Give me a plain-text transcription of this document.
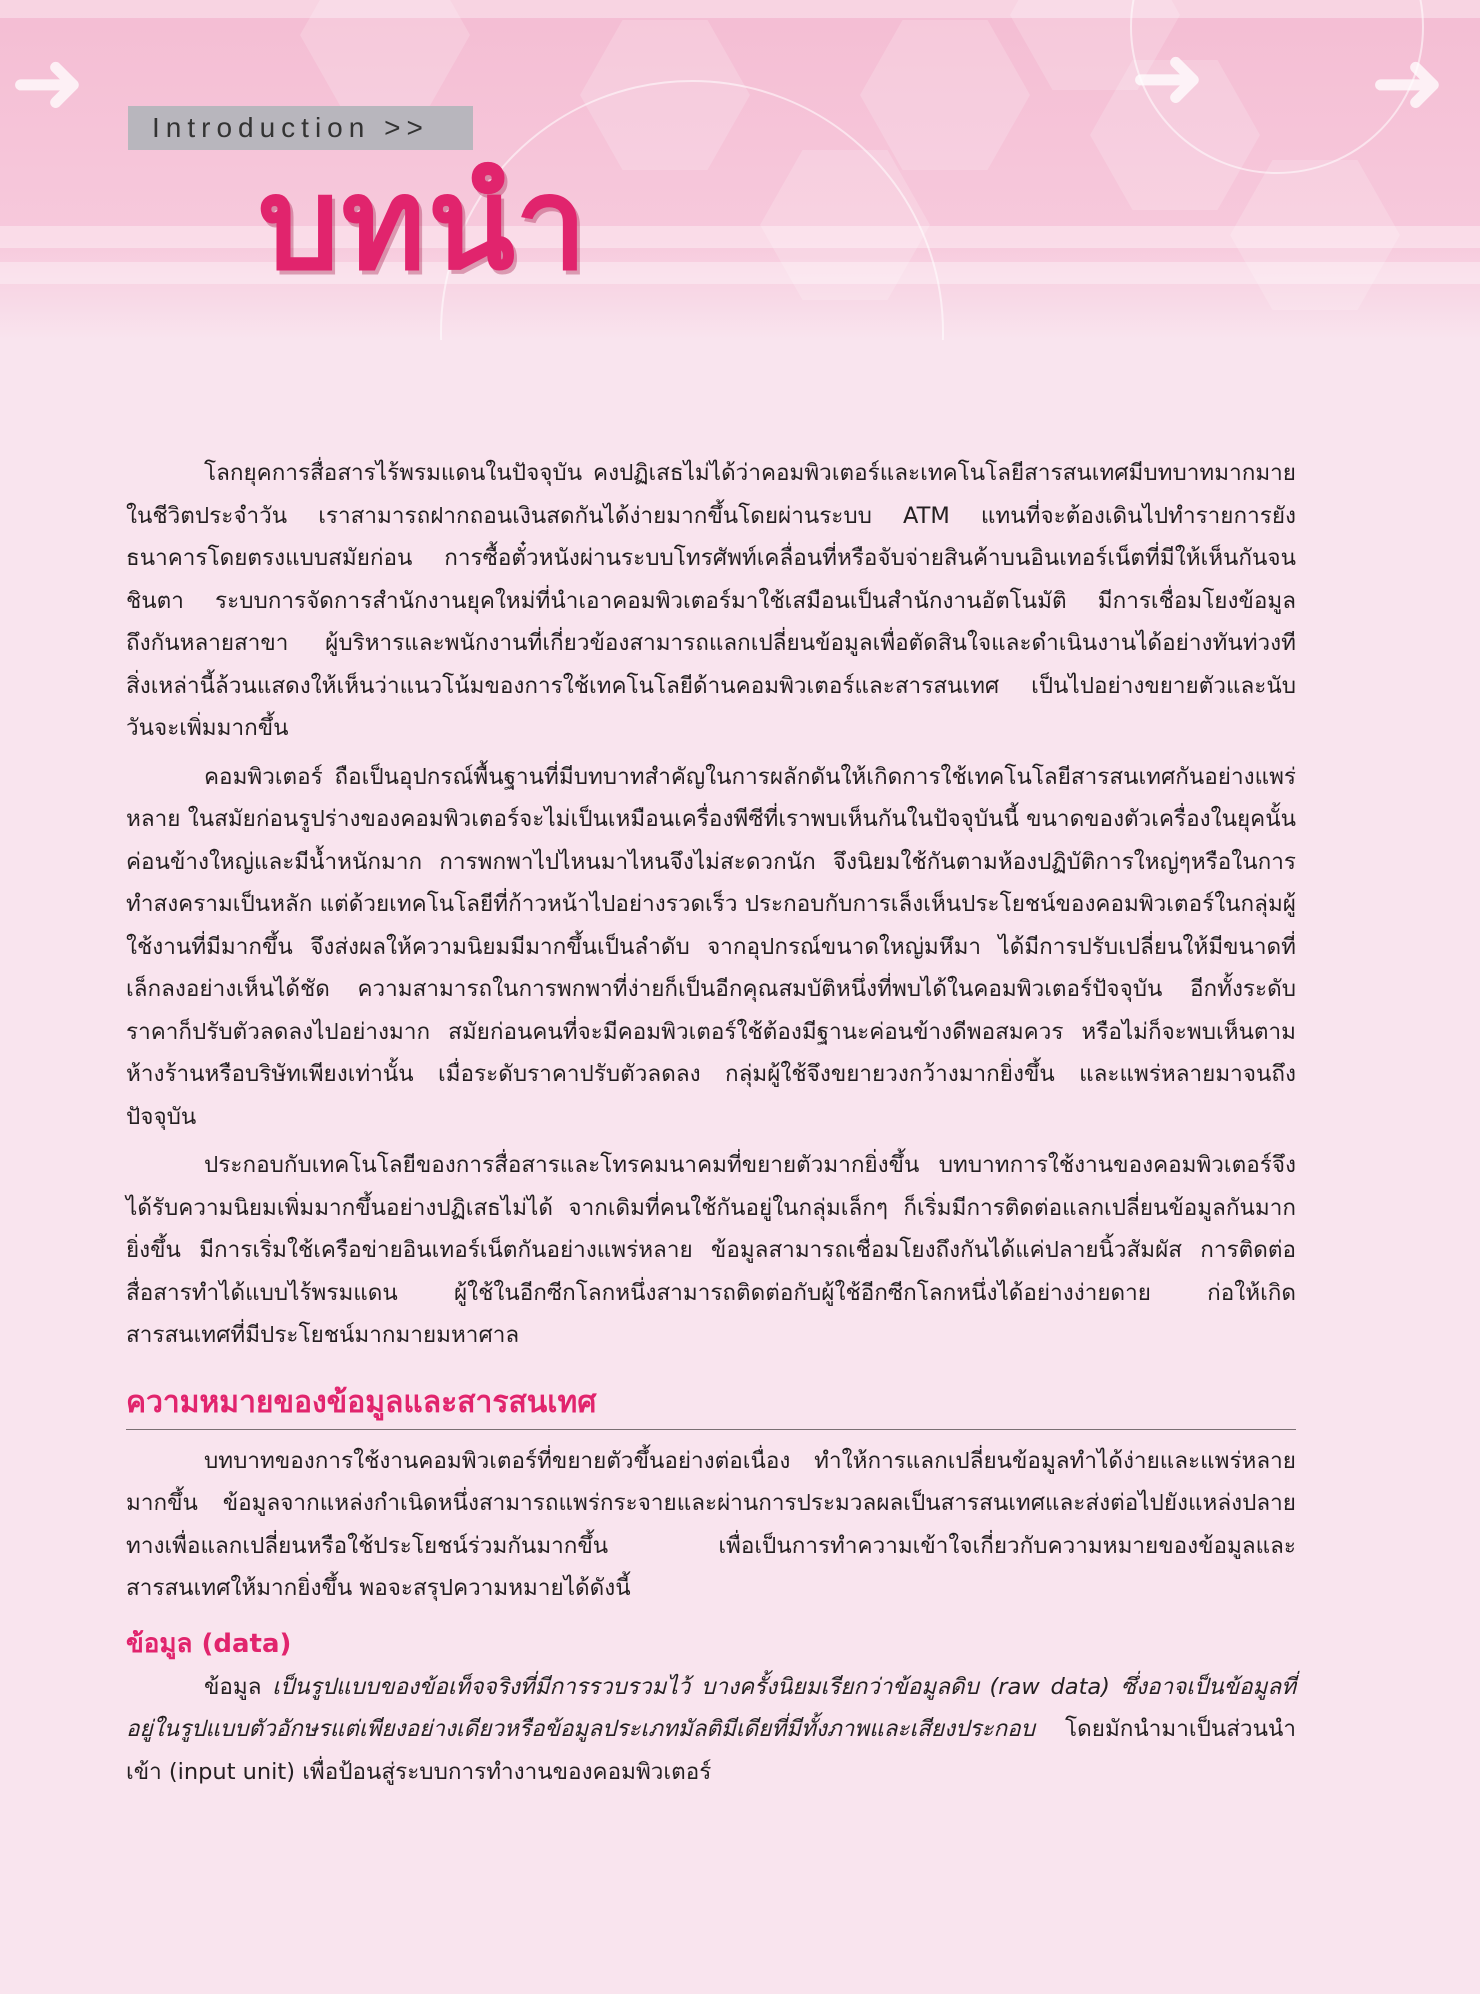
➜	➜ ➜
Introduction >>
บทนำ

โลกยุคการสื่อสารไร้พรมแดนในปัจจุบัน คงปฏิเสธไม่ได้ว่าคอมพิวเตอร์และเทคโนโลยีสารสนเทศมีบทบาทมากมายในชีวิตประจำวัน เราสามารถฝากถอนเงินสดกันได้ง่ายมากขึ้นโดยผ่านระบบ ATM แทนที่จะต้องเดินไปทำรายการยังธนาคารโดยตรงแบบสมัยก่อน การซื้อตั๋วหนังผ่านระบบโทรศัพท์เคลื่อนที่หรือจับจ่ายสินค้าบนอินเทอร์เน็ตที่มีให้เห็นกันจนชินตา ระบบการจัดการสำนักงานยุคใหม่ที่นำเอาคอมพิวเตอร์มาใช้เสมือนเป็นสำนักงานอัตโนมัติ มีการเชื่อมโยงข้อมูลถึงกันหลายสาขา ผู้บริหารและพนักงานที่เกี่ยวข้องสามารถแลกเปลี่ยนข้อมูลเพื่อตัดสินใจและดำเนินงานได้อย่างทันท่วงที สิ่งเหล่านี้ล้วนแสดงให้เห็นว่าแนวโน้มของการใช้เทคโนโลยีด้านคอมพิวเตอร์และสารสนเทศ เป็นไปอย่างขยายตัวและนับวันจะเพิ่มมากขึ้น

คอมพิวเตอร์ ถือเป็นอุปกรณ์พื้นฐานที่มีบทบาทสำคัญในการผลักดันให้เกิดการใช้เทคโนโลยีสารสนเทศกันอย่างแพร่หลาย ในสมัยก่อนรูปร่างของคอมพิวเตอร์จะไม่เป็นเหมือนเครื่องพีซีที่เราพบเห็นกันในปัจจุบันนี้ ขนาดของตัวเครื่องในยุคนั้นค่อนข้างใหญ่และมีน้ำหนักมาก การพกพาไปไหนมาไหนจึงไม่สะดวกนัก จึงนิยมใช้กันตามห้องปฏิบัติการใหญ่ๆหรือในการทำสงครามเป็นหลัก แต่ด้วยเทคโนโลยีที่ก้าวหน้าไปอย่างรวดเร็ว ประกอบกับการเล็งเห็นประโยชน์ของคอมพิวเตอร์ในกลุ่มผู้ใช้งานที่มีมากขึ้น จึงส่งผลให้ความนิยมมีมากขึ้นเป็นลำดับ จากอุปกรณ์ขนาดใหญ่มหึมา ได้มีการปรับเปลี่ยนให้มีขนาดที่เล็กลงอย่างเห็นได้ชัด ความสามารถในการพกพาที่ง่ายก็เป็นอีกคุณสมบัติหนึ่งที่พบได้ในคอมพิวเตอร์ปัจจุบัน อีกทั้งระดับราคาก็ปรับตัวลดลงไปอย่างมาก สมัยก่อนคนที่จะมีคอมพิวเตอร์ใช้ต้องมีฐานะค่อนข้างดีพอสมควร หรือไม่ก็จะพบเห็นตามห้างร้านหรือบริษัทเพียงเท่านั้น เมื่อระดับราคาปรับตัวลดลง กลุ่มผู้ใช้จึงขยายวงกว้างมากยิ่งขึ้น และแพร่หลายมาจนถึงปัจจุบัน

ประกอบกับเทคโนโลยีของการสื่อสารและโทรคมนาคมที่ขยายตัวมากยิ่งขึ้น บทบาทการใช้งานของคอมพิวเตอร์จึงได้รับความนิยมเพิ่มมากขึ้นอย่างปฏิเสธไม่ได้ จากเดิมที่คนใช้กันอยู่ในกลุ่มเล็กๆ ก็เริ่มมีการติดต่อแลกเปลี่ยนข้อมูลกันมากยิ่งขึ้น มีการเริ่มใช้เครือข่ายอินเทอร์เน็ตกันอย่างแพร่หลาย ข้อมูลสามารถเชื่อมโยงถึงกันได้แค่ปลายนิ้วสัมผัส การติดต่อสื่อสารทำได้แบบไร้พรมแดน ผู้ใช้ในอีกซีกโลกหนึ่งสามารถติดต่อกับผู้ใช้อีกซีกโลกหนึ่งได้อย่างง่ายดาย ก่อให้เกิดสารสนเทศที่มีประโยชน์มากมายมหาศาล

ความหมายของข้อมูลและสารสนเทศ

บทบาทของการใช้งานคอมพิวเตอร์ที่ขยายตัวขึ้นอย่างต่อเนื่อง ทำให้การแลกเปลี่ยนข้อมูลทำได้ง่ายและแพร่หลายมากขึ้น ข้อมูลจากแหล่งกำเนิดหนึ่งสามารถแพร่กระจายและผ่านการประมวลผลเป็นสารสนเทศและส่งต่อไปยังแหล่งปลายทางเพื่อแลกเปลี่ยนหรือใช้ประโยชน์ร่วมกันมากขึ้น เพื่อเป็นการทำความเข้าใจเกี่ยวกับความหมายของข้อมูลและสารสนเทศให้มากยิ่งขึ้น พอจะสรุปความหมายได้ดังนี้

ข้อมูล (data)

ข้อมูล เป็นรูปแบบของข้อเท็จจริงที่มีการรวบรวมไว้ บางครั้งนิยมเรียกว่าข้อมูลดิบ (raw data) ซึ่งอาจเป็นข้อมูลที่อยู่ในรูปแบบตัวอักษรแต่เพียงอย่างเดียวหรือข้อมูลประเภทมัลติมีเดียที่มีทั้งภาพและเสียงประกอบ โดยมักนำมาเป็นส่วนนำเข้า (input unit) เพื่อป้อนสู่ระบบการทำงานของคอมพิวเตอร์
